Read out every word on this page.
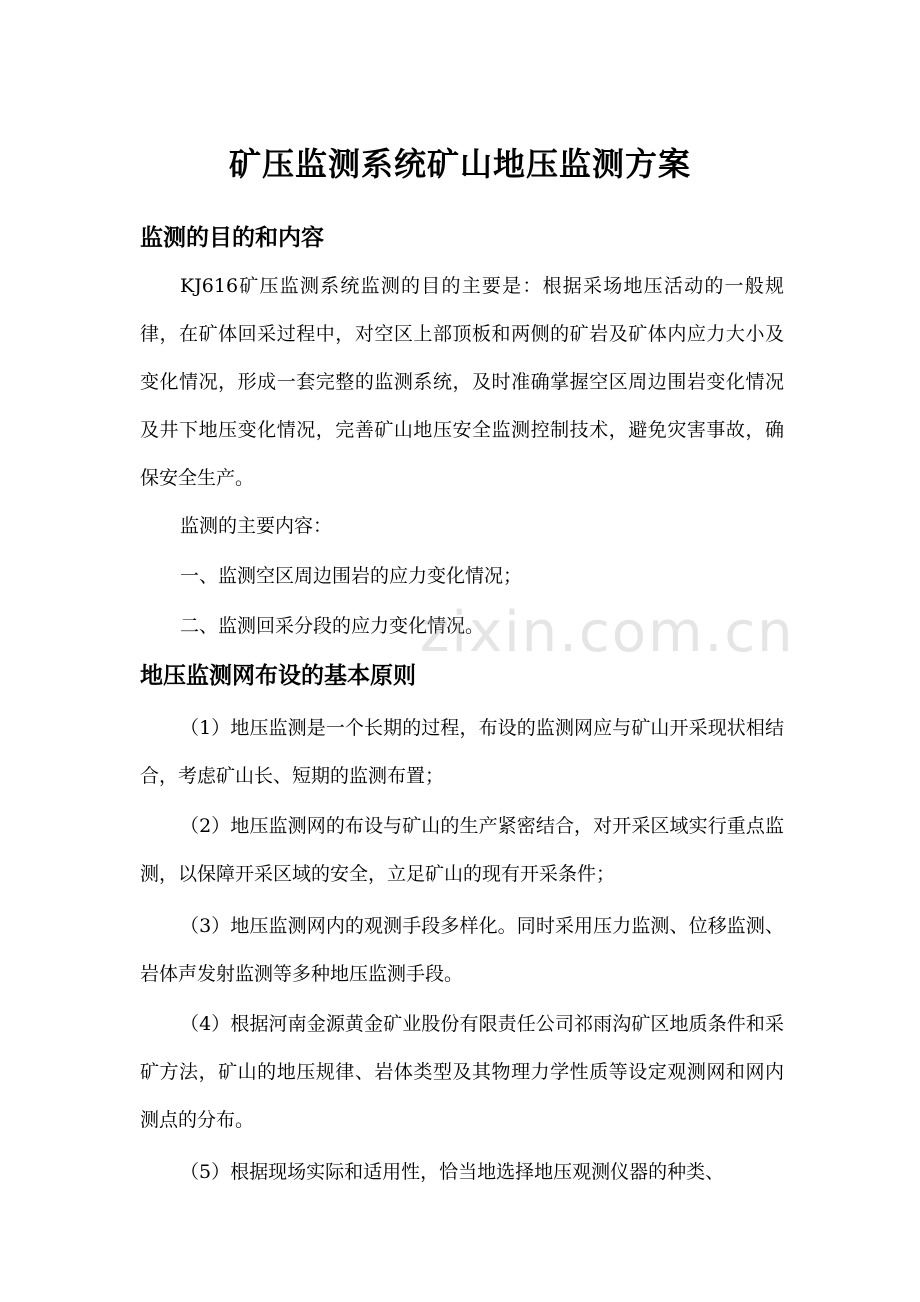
矿压监测系统矿山地压监测方案
监测的目的和内容

KJ616矿压监测系统监测的目的主要是：根据采场地压活动的一般规律，在矿体回采过程中，对空区上部顶板和两侧的矿岩及矿体内应力大小及变化情况，形成一套完整的监测系统，及时准确掌握空区周边围岩变化情况及井下地压变化情况，完善矿山地压安全监测控制技术，避免灾害事故，确保安全生产。

监测的主要内容：

一、监测空区周边围岩的应力变化情况；

二、监测回采分段的应力变化情况。

地压监测网布设的基本原则

（1）地压监测是一个长期的过程，布设的监测网应与矿山开采现状相结合，考虑矿山长、短期的监测布置；

（2）地压监测网的布设与矿山的生产紧密结合，对开采区域实行重点监测，以保障开采区域的安全，立足矿山的现有开采条件；

（3）地压监测网内的观测手段多样化。同时采用压力监测、位移监测、岩体声发射监测等多种地压监测手段。

（4）根据河南金源黄金矿业股份有限责任公司祁雨沟矿区地质条件和采矿方法，矿山的地压规律、岩体类型及其物理力学性质等设定观测网和网内测点的分布。

（5）根据现场实际和适用性，恰当地选择地压观测仪器的种类、

zixin.com.cn
